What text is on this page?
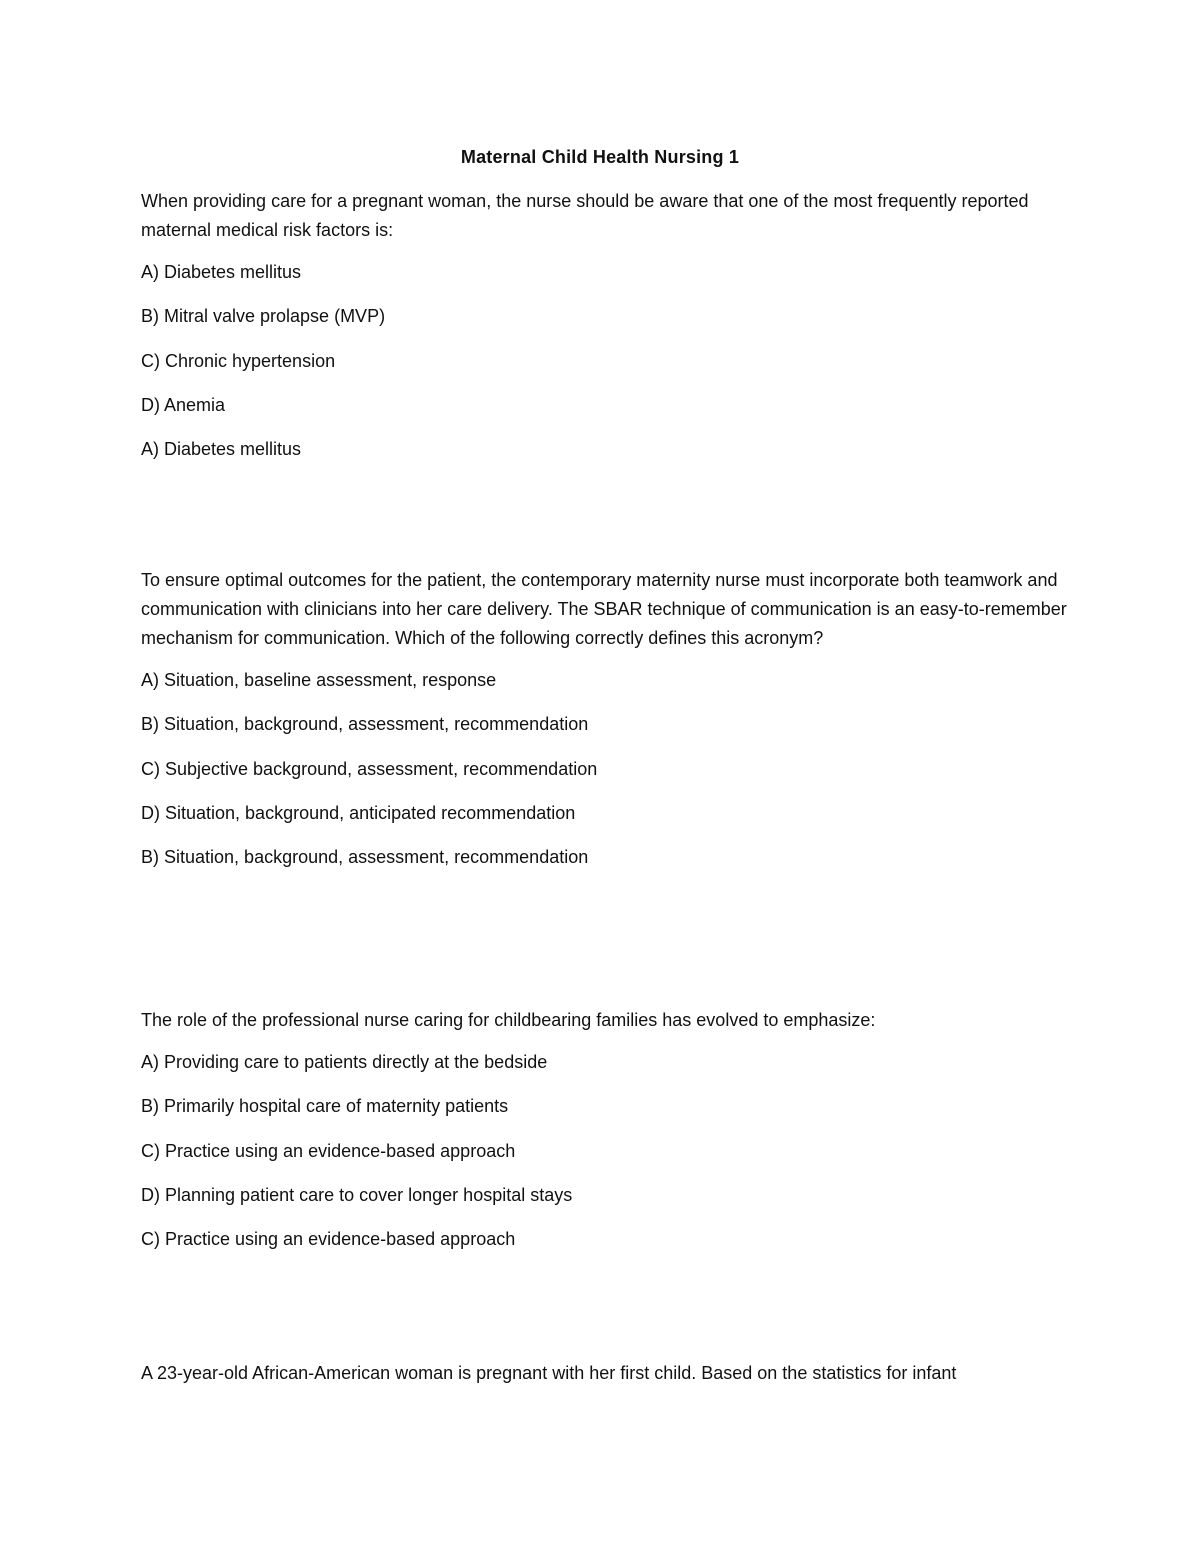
Maternal Child Health Nursing 1

When providing care for a pregnant woman, the nurse should be aware that one of the most frequently reported maternal medical risk factors is:

A) Diabetes mellitus
B) Mitral valve prolapse (MVP)
C) Chronic hypertension
D) Anemia
A) Diabetes mellitus

To ensure optimal outcomes for the patient, the contemporary maternity nurse must incorporate both teamwork and communication with clinicians into her care delivery. The SBAR technique of communication is an easy-to-remember mechanism for communication. Which of the following correctly defines this acronym?

A) Situation, baseline assessment, response
B) Situation, background, assessment, recommendation
C) Subjective background, assessment, recommendation
D) Situation, background, anticipated recommendation
B) Situation, background, assessment, recommendation

The role of the professional nurse caring for childbearing families has evolved to emphasize:

A) Providing care to patients directly at the bedside
B) Primarily hospital care of maternity patients
C) Practice using an evidence-based approach
D) Planning patient care to cover longer hospital stays
C) Practice using an evidence-based approach

A 23-year-old African-American woman is pregnant with her first child. Based on the statistics for infant
